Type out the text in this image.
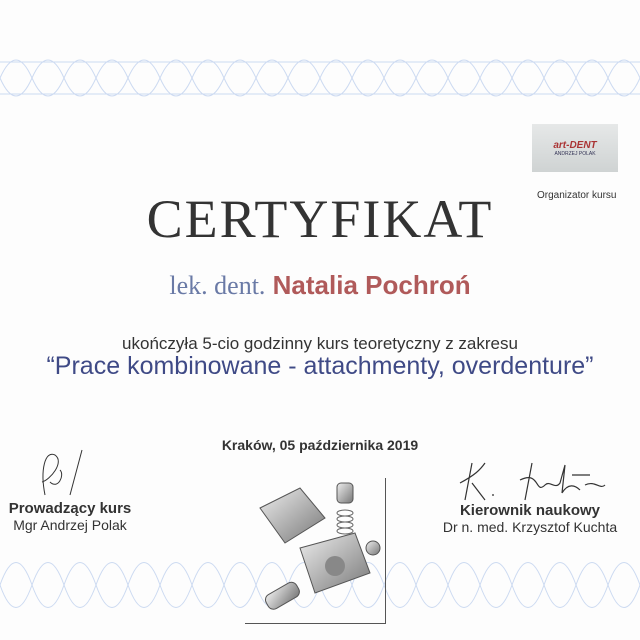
art-DENT
ANDRZEJ POLAK
Organizator kursu
CERTYFIKAT
lek. dent. Natalia Pochroń
ukończyła 5-cio godzinny kurs teoretyczny z zakresu
“Prace kombinowane - attachmenty, overdenture”
Kraków, 05 października 2019
Prowadzący kurs
Mgr Andrzej Polak
Kierownik naukowy
Dr n. med. Krzysztof Kuchta
